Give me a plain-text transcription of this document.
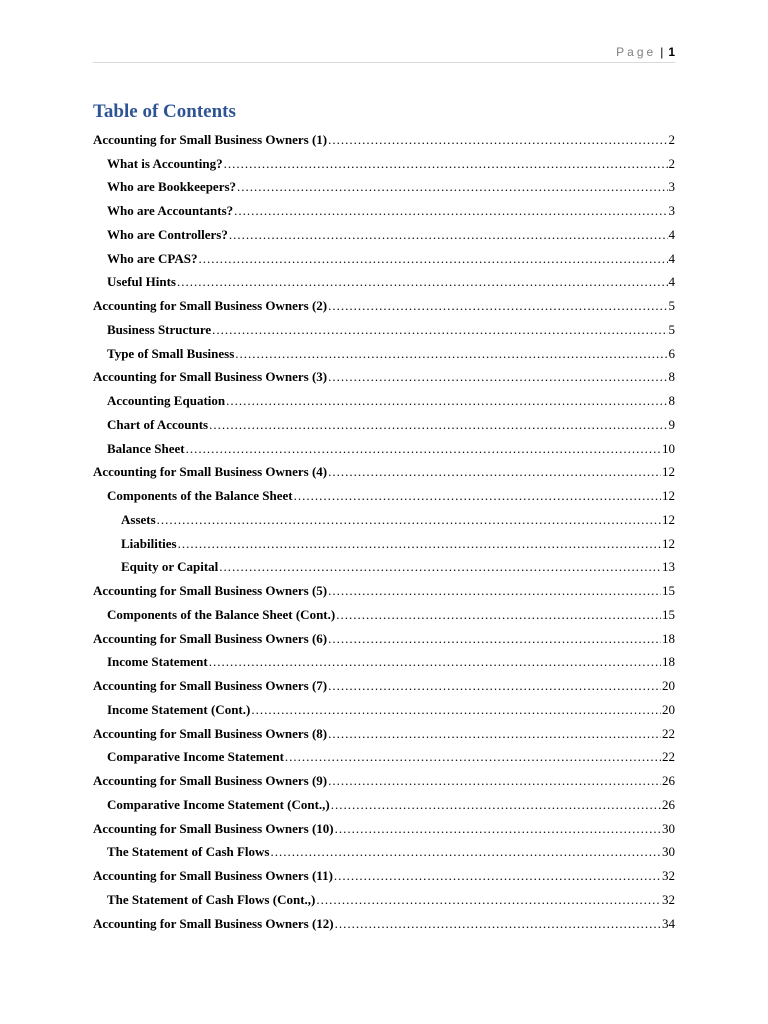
Page | 1
Table of Contents
Accounting for Small Business Owners (1) .....	2
What is Accounting? .....	2
Who are Bookkeepers? .....	3
Who are Accountants? .....	3
Who are Controllers? .....	4
Who are CPAS? .....	4
Useful Hints .....	4
Accounting for Small Business Owners (2) .....	5
Business Structure .....	5
Type of Small Business .....	6
Accounting for Small Business Owners (3) .....	8
Accounting Equation .....	8
Chart of Accounts .....	9
Balance Sheet .....	10
Accounting for Small Business Owners (4) .....	12
Components of the Balance Sheet .....	12
Assets .....	12
Liabilities .....	12
Equity or Capital .....	13
Accounting for Small Business Owners (5) .....	15
Components of the Balance Sheet (Cont.) .....	15
Accounting for Small Business Owners (6) .....	18
Income Statement .....	18
Accounting for Small Business Owners (7) .....	20
Income Statement (Cont.) .....	20
Accounting for Small Business Owners (8) .....	22
Comparative Income Statement .....	22
Accounting for Small Business Owners (9) .....	26
Comparative Income Statement (Cont.,) .....	26
Accounting for Small Business Owners (10) .....	30
The Statement of Cash Flows .....	30
Accounting for Small Business Owners (11) .....	32
The Statement of Cash Flows (Cont.,) .....	32
Accounting for Small Business Owners (12) .....	34
